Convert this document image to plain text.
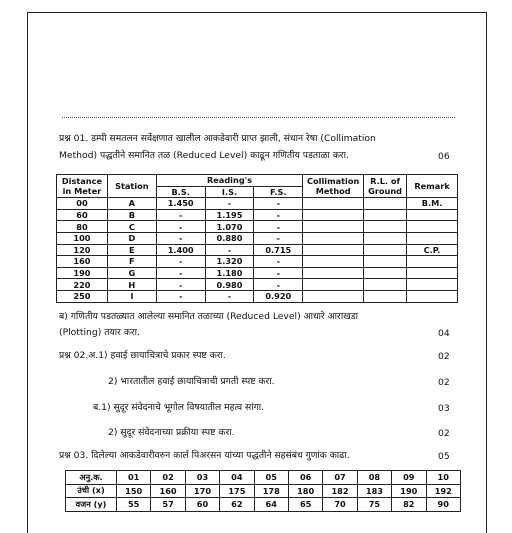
प्रश्न 01. डम्पी समतलन सर्वेक्षणात खालील आकडेवारी प्राप्त झाली, संधान रेषा (Collimation
Method) पद्धतीने समानित तळ (Reduced Level) काढून गणितीय पडताळा करा.	06
Distance in Meter	Station	Reading's			Collimation Method	R.L. of Ground	Remark
		B.S.	I.S.	F.S.			
00	A	1.450	-	-			B.M.
60	B	-	1.195	-			
80	C	-	1.070	-			
100	D	-	0.880	-			
120	E	1.400	-	0.715			C.P.
160	F	-	1.320	-			
190	G	-	1.180	-			
220	H	-	0.980	-			
250	I	-	-	0.920			
ब) गणितीय पडतळ्यात आलेल्या समानित तळाच्या (Reduced Level) आधारे आराखडा
(Plotting) तयार करा.	04
प्रश्न 02.अ.1) हवाई छायाचित्राचे प्रकार स्पष्ट करा.	02
2) भारतातील हवाई छायाचित्राची प्रगती स्पष्ट करा.	02
ब.1) सुदूर संवेदनाचे भूगोल विषयातील महत्व सांगा.	03
2) सुदूर संवेदनाच्या प्रक्रीया स्पष्ट करा.	02
प्रश्न 03. दिलेल्या आकडेवारीवरुन कार्ल पिअरसन यांच्या पद्धतीने सहसंबंध गुणांक काढा.	05
अनु.क.	01	02	03	04	05	06	07	08	09	10
उंची (x)	150	160	170	175	178	180	182	183	190	192
वजन (y)	55	57	60	62	64	65	70	75	82	90
